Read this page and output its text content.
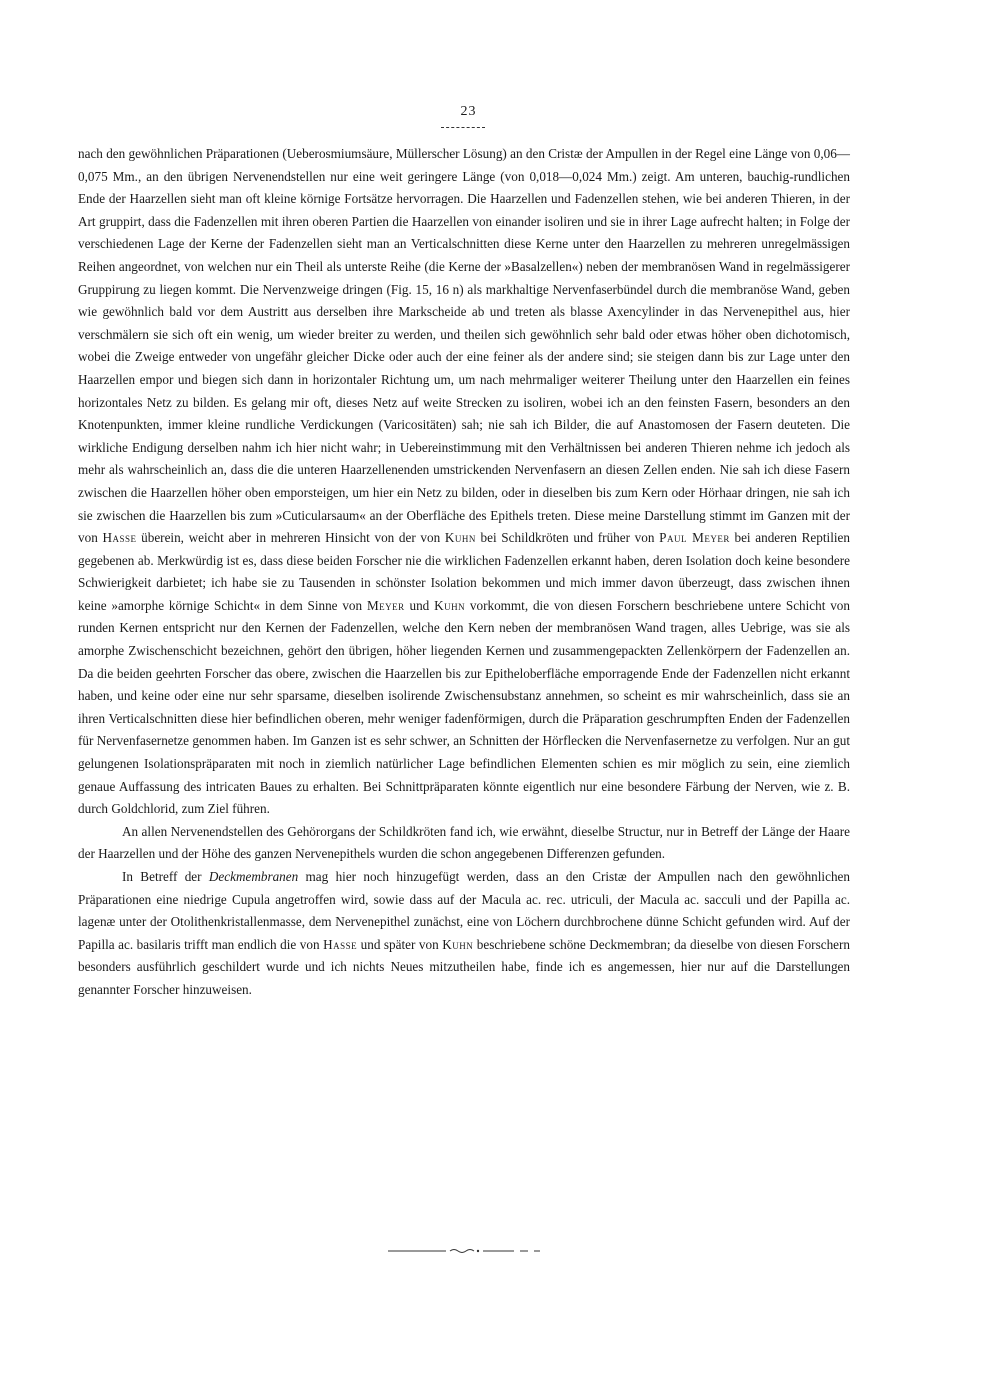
23

nach den gewöhnlichen Präparationen (Ueberosmiumsäure, Müllerscher Lösung) an den Cristæ der Ampullen in der Regel eine Länge von 0,06—0,075 Mm., an den übrigen Nervenendstellen nur eine weit geringere Länge (von 0,018—0,024 Mm.) zeigt. Am unteren, bauchig-rundlichen Ende der Haarzellen sieht man oft kleine körnige Fortsätze hervorragen. Die Haarzellen und Fadenzellen stehen, wie bei anderen Thieren, in der Art gruppirt, dass die Fadenzellen mit ihren oberen Partien die Haarzellen von einander isoliren und sie in ihrer Lage aufrecht halten; in Folge der verschiedenen Lage der Kerne der Fadenzellen sieht man an Verticalschnitten diese Kerne unter den Haarzellen zu mehreren unregelmässigen Reihen angeordnet, von welchen nur ein Theil als unterste Reihe (die Kerne der »Basalzellen«) neben der membranösen Wand in regelmässigerer Gruppirung zu liegen kommt. Die Nervenzweige dringen (Fig. 15, 16 n) als markhaltige Nervenfaserbündel durch die membranöse Wand, geben wie gewöhnlich bald vor dem Austritt aus derselben ihre Markscheide ab und treten als blasse Axencylinder in das Nervenepithel aus, hier verschmälern sie sich oft ein wenig, um wieder breiter zu werden, und theilen sich gewöhnlich sehr bald oder etwas höher oben dichotomisch, wobei die Zweige entweder von ungefähr gleicher Dicke oder auch der eine feiner als der andere sind; sie steigen dann bis zur Lage unter den Haarzellen empor und biegen sich dann in horizontaler Richtung um, um nach mehrmaliger weiterer Theilung unter den Haarzellen ein feines horizontales Netz zu bilden. Es gelang mir oft, dieses Netz auf weite Strecken zu isoliren, wobei ich an den feinsten Fasern, besonders an den Knotenpunkten, immer kleine rundliche Verdickungen (Varicositäten) sah; nie sah ich Bilder, die auf Anastomosen der Fasern deuteten. Die wirkliche Endigung derselben nahm ich hier nicht wahr; in Uebereinstimmung mit den Verhältnissen bei anderen Thieren nehme ich jedoch als mehr als wahrscheinlich an, dass die die unteren Haarzellenenden umstrickenden Nervenfasern an diesen Zellen enden. Nie sah ich diese Fasern zwischen die Haarzellen höher oben emporsteigen, um hier ein Netz zu bilden, oder in dieselben bis zum Kern oder Hörhaar dringen, nie sah ich sie zwischen die Haarzellen bis zum »Cuticularsaum« an der Oberfläche des Epithels treten. Diese meine Darstellung stimmt im Ganzen mit der von Hasse überein, weicht aber in mehreren Hinsicht von der von Kuhn bei Schildkröten und früher von Paul Meyer bei anderen Reptilien gegebenen ab. Merkwürdig ist es, dass diese beiden Forscher nie die wirklichen Fadenzellen erkannt haben, deren Isolation doch keine besondere Schwierigkeit darbietet; ich habe sie zu Tausenden in schönster Isolation bekommen und mich immer davon überzeugt, dass zwischen ihnen keine »amorphe körnige Schicht« in dem Sinne von Meyer und Kuhn vorkommt, die von diesen Forschern beschriebene untere Schicht von runden Kernen entspricht nur den Kernen der Fadenzellen, welche den Kern neben der membranösen Wand tragen, alles Uebrige, was sie als amorphe Zwischenschicht bezeichnen, gehört den übrigen, höher liegenden Kernen und zusammengepackten Zellenkörpern der Fadenzellen an. Da die beiden geehrten Forscher das obere, zwischen die Haarzellen bis zur Epitheloberfläche emporragende Ende der Fadenzellen nicht erkannt haben, und keine oder eine nur sehr sparsame, dieselben isolirende Zwischensubstanz annehmen, so scheint es mir wahrscheinlich, dass sie an ihren Verticalschnitten diese hier befindlichen oberen, mehr weniger fadenförmigen, durch die Präparation geschrumpften Enden der Fadenzellen für Nervenfasernetze genommen haben. Im Ganzen ist es sehr schwer, an Schnitten der Hörflecken die Nervenfasernetze zu verfolgen. Nur an gut gelungenen Isolationspräparaten mit noch in ziemlich natürlicher Lage befindlichen Elementen schien es mir möglich zu sein, eine ziemlich genaue Auffassung des intricaten Baues zu erhalten. Bei Schnittpräparaten könnte eigentlich nur eine besondere Färbung der Nerven, wie z. B. durch Goldchlorid, zum Ziel führen.

An allen Nervenendstellen des Gehörorgans der Schildkröten fand ich, wie erwähnt, dieselbe Structur, nur in Betreff der Länge der Haare der Haarzellen und der Höhe des ganzen Nervenepithels wurden die schon angegebenen Differenzen gefunden.

In Betreff der Deckmembranen mag hier noch hinzugefügt werden, dass an den Cristæ der Ampullen nach den gewöhnlichen Präparationen eine niedrige Cupula angetroffen wird, sowie dass auf der Macula ac. rec. utriculi, der Macula ac. sacculi und der Papilla ac. lagenæ unter der Otolithenkristallenmasse, dem Nervenepithel zunächst, eine von Löchern durchbrochene dünne Schicht gefunden wird. Auf der Papilla ac. basilaris trifft man endlich die von Hasse und später von Kuhn beschriebene schöne Deckmembran; da dieselbe von diesen Forschern besonders ausführlich geschildert wurde und ich nichts Neues mitzutheilen habe, finde ich es angemessen, hier nur auf die Darstellungen genannter Forscher hinzuweisen.
